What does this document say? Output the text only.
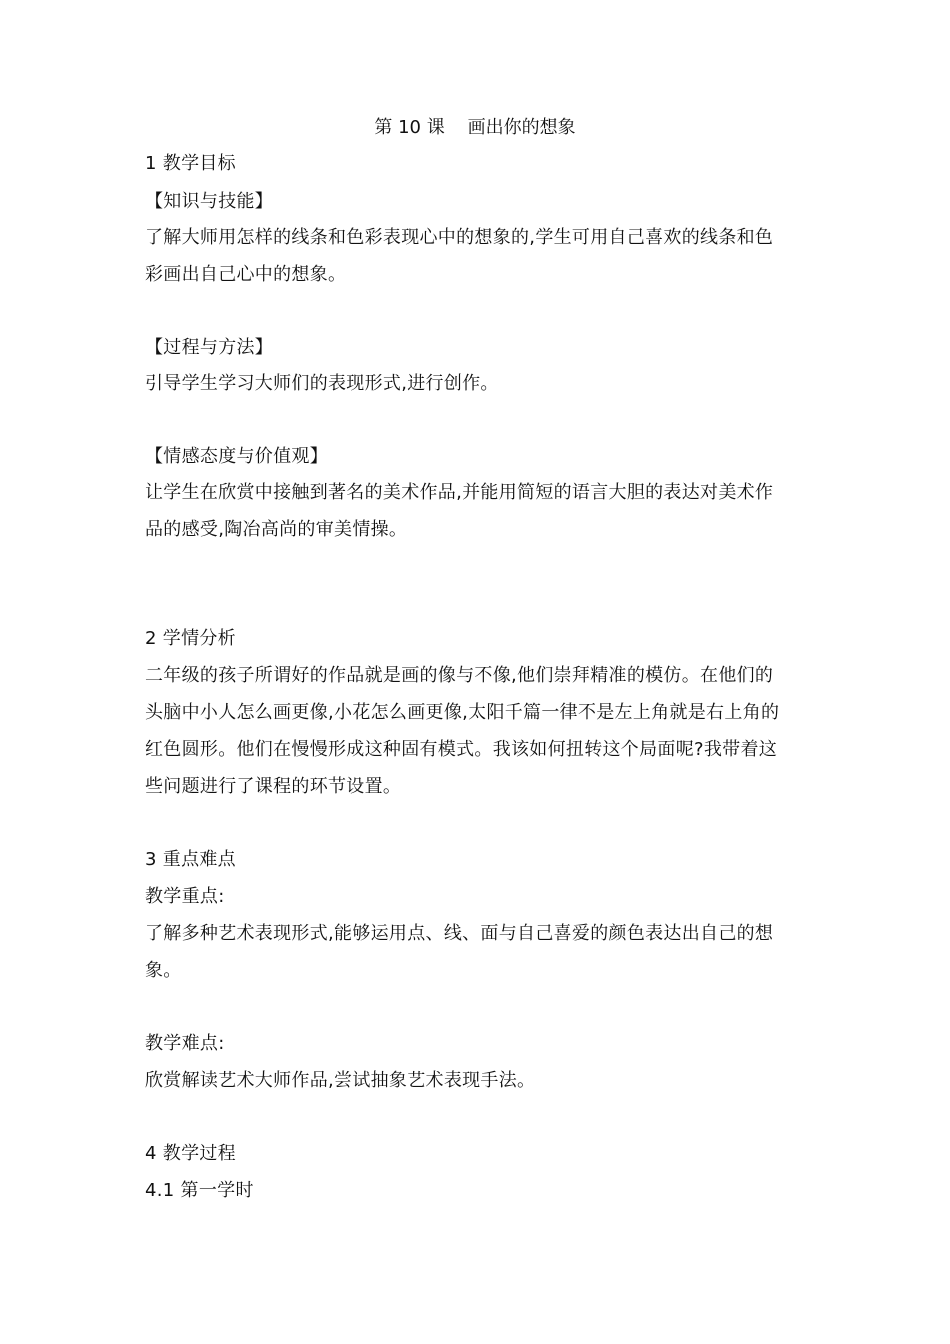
第 10 课    画出你的想象
1 教学目标
【知识与技能】
了解大师用怎样的线条和色彩表现心中的想象的,学生可用自己喜欢的线条和色
彩画出自己心中的想象。
【过程与方法】
引导学生学习大师们的表现形式,进行创作。
【情感态度与价值观】
让学生在欣赏中接触到著名的美术作品,并能用简短的语言大胆的表达对美术作
品的感受,陶冶高尚的审美情操。
2 学情分析
二年级的孩子所谓好的作品就是画的像与不像,他们崇拜精准的模仿。在他们的
头脑中小人怎么画更像,小花怎么画更像,太阳千篇一律不是左上角就是右上角的
红色圆形。他们在慢慢形成这种固有模式。我该如何扭转这个局面呢?我带着这
些问题进行了课程的环节设置。
3 重点难点
教学重点:
了解多种艺术表现形式,能够运用点、线、面与自己喜爱的颜色表达出自己的想
象。
教学难点:
欣赏解读艺术大师作品,尝试抽象艺术表现手法。
4 教学过程
4.1 第一学时
